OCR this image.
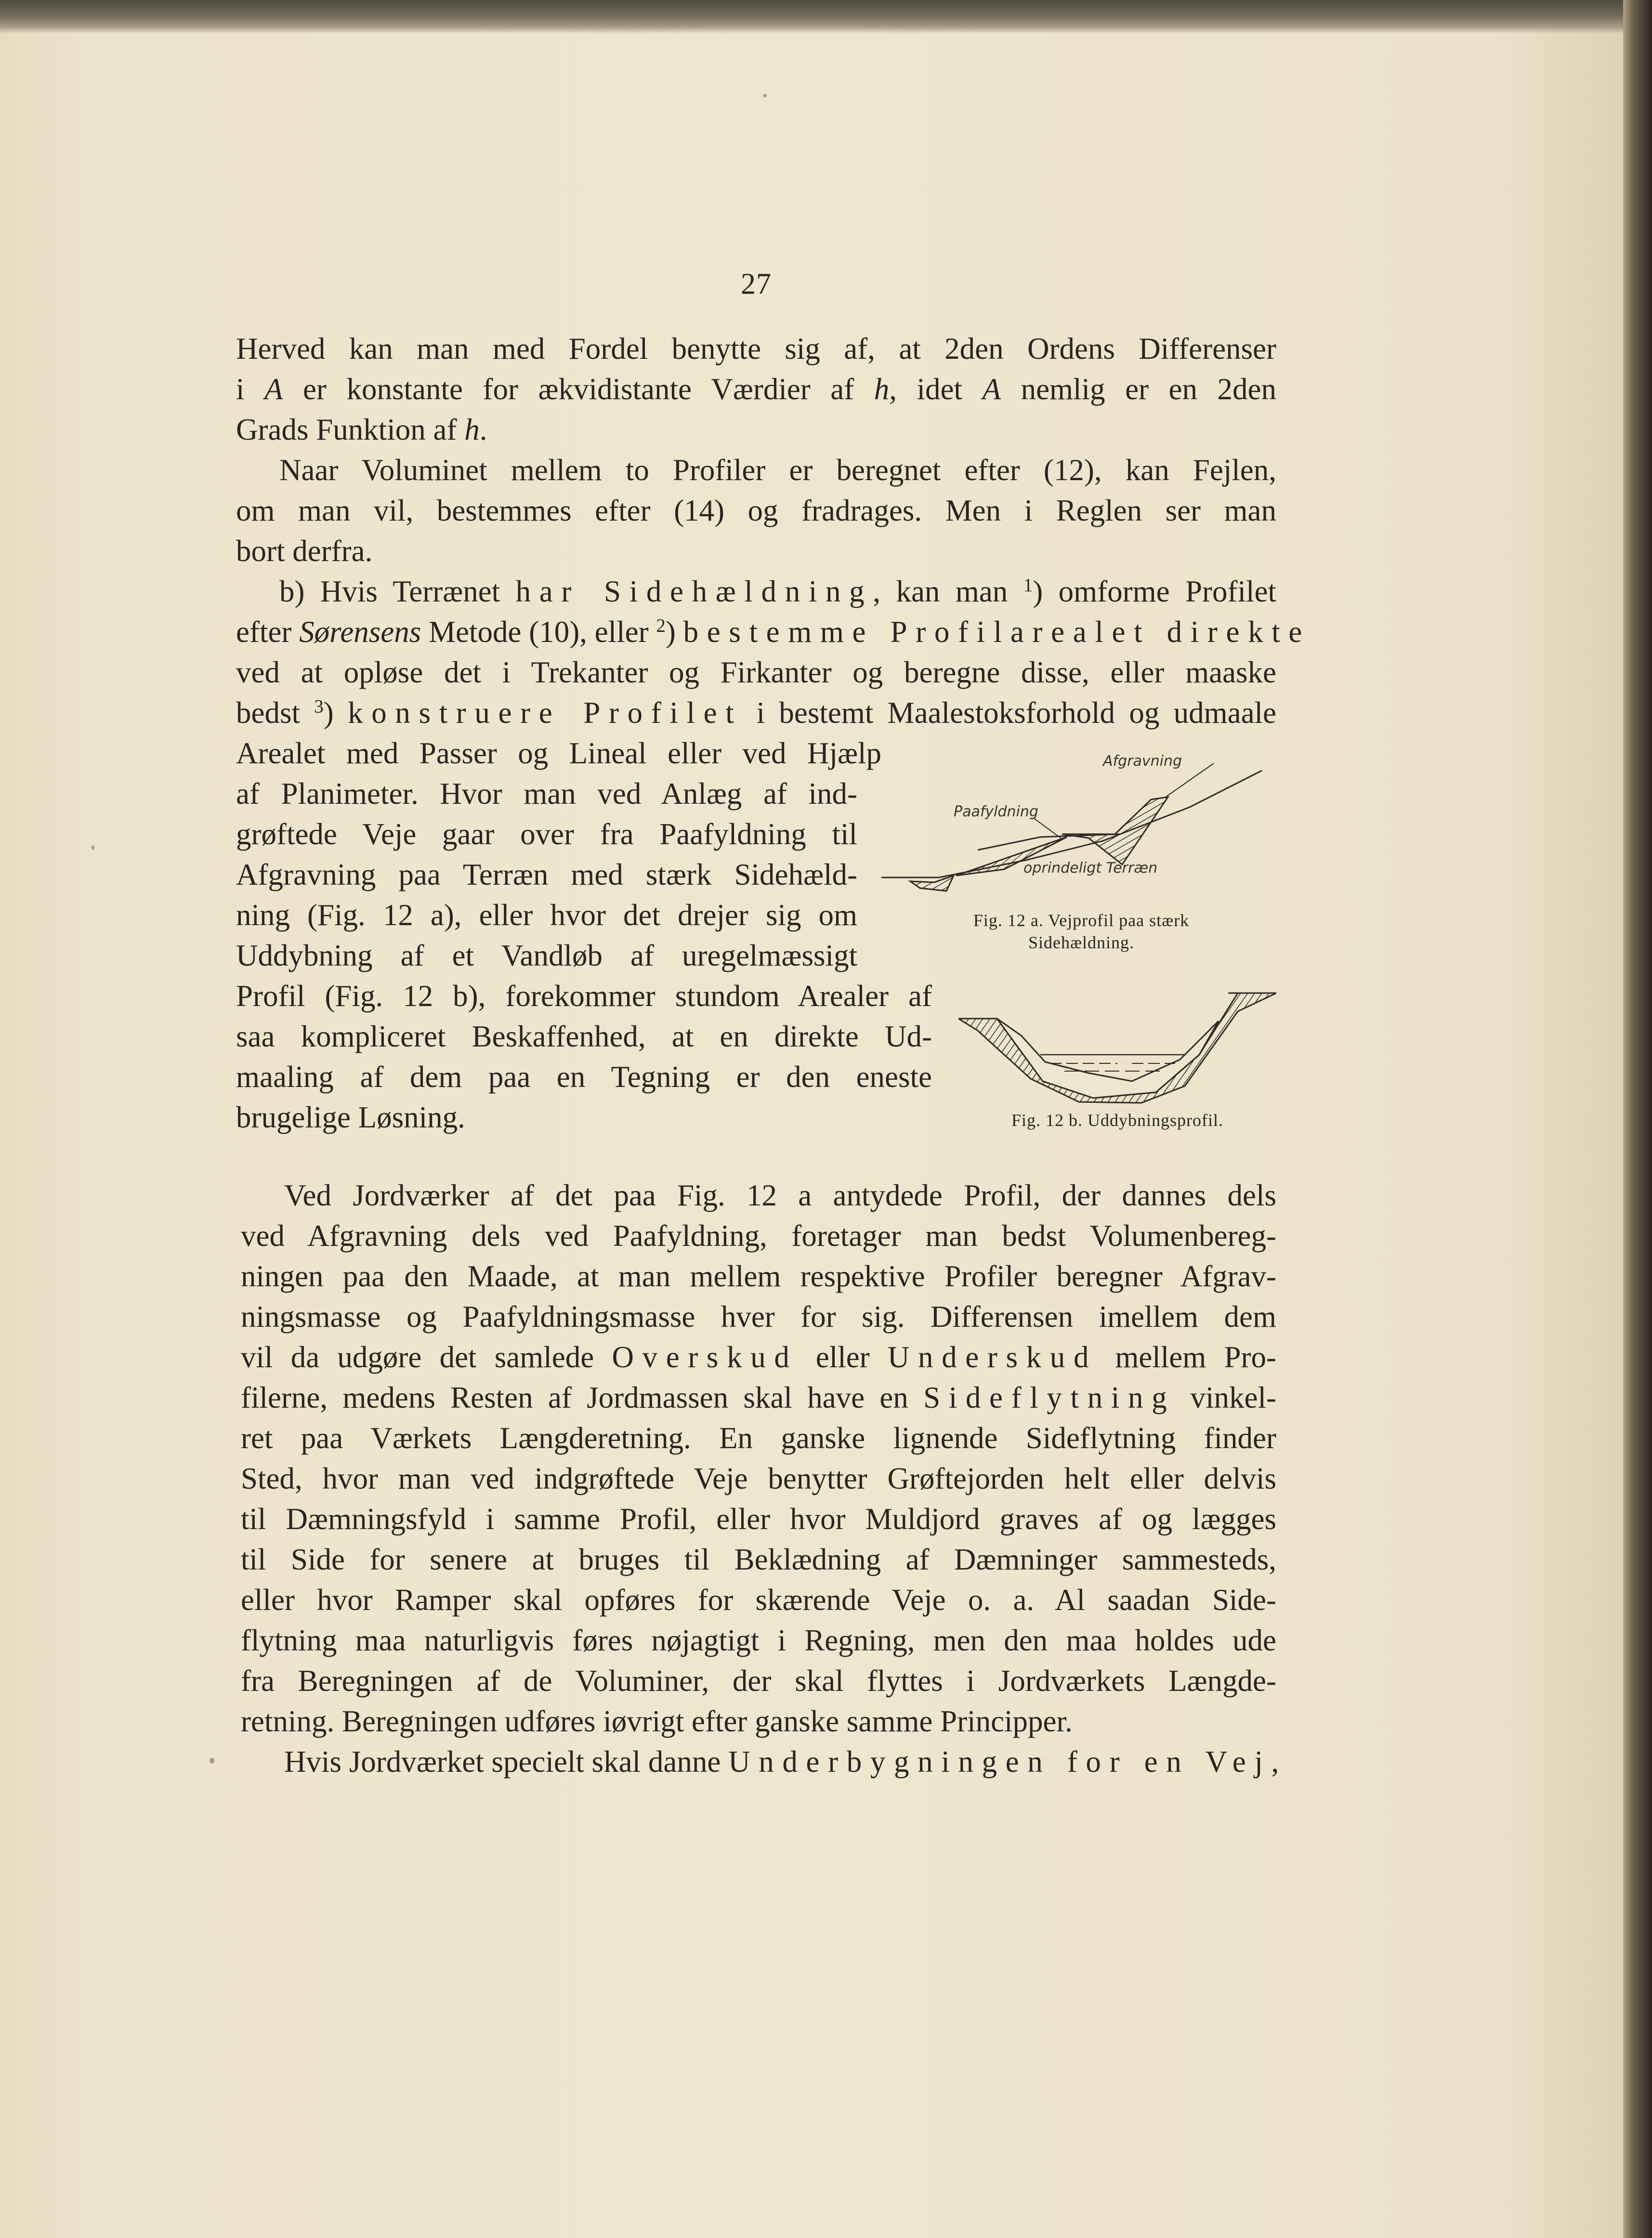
27
Herved kan man med Fordel benytte sig af, at 2den Ordens Differenser
i A er konstante for ækvidistante Værdier af h, idet A nemlig er en 2den
Grads Funktion af h.
Naar Voluminet mellem to Profiler er beregnet efter (12), kan Fejlen,
om man vil, bestemmes efter (14) og fradrages. Men i Reglen ser man
bort derfra.
b) Hvis Terrænet har Sidehældning, kan man $^1$) omforme Profilet
efter Sørensens Metode (10), eller $^2$) bestemme Profilarealet direkte
ved at opløse det i Trekanter og Firkanter og beregne disse, eller maaske
bedst $^3$) konstruere Profilet i bestemt Maalestoksforhold og udmaale
Arealet med Passer og Lineal eller ved Hjælp
af Planimeter. Hvor man ved Anlæg af ind-
grøftede Veje gaar over fra Paafyldning til
Afgravning paa Terræn med stærk Sidehæld-
ning (Fig. 12 a), eller hvor det drejer sig om
Uddybning af et Vandløb af uregelmæssigt
Profil (Fig. 12 b), forekommer stundom Arealer af
saa kompliceret Beskaffenhed, at en direkte Ud-
maaling af dem paa en Tegning er den eneste
brugelige Løsning.
Afgravning
Paafyldning
oprindeligt Terræn
Fig. 12 a. Vejprofil paa stærk
Sidehældning.
Fig. 12 b. Uddybningsprofil.
Ved Jordværker af det paa Fig. 12 a antydede Profil, der dannes dels
ved Afgravning dels ved Paafyldning, foretager man bedst Volumenbereg-
ningen paa den Maade, at man mellem respektive Profiler beregner Afgrav-
ningsmasse og Paafyldningsmasse hver for sig. Differensen imellem dem
vil da udgøre det samlede Overskud eller Underskud mellem Pro-
filerne, medens Resten af Jordmassen skal have en Sideflytning vinkel-
ret paa Værkets Længderetning. En ganske lignende Sideflytning finder
Sted, hvor man ved indgrøftede Veje benytter Grøftejorden helt eller delvis
til Dæmningsfyld i samme Profil, eller hvor Muldjord graves af og lægges
til Side for senere at bruges til Beklædning af Dæmninger sammesteds,
eller hvor Ramper skal opføres for skærende Veje o. a. Al saadan Side-
flytning maa naturligvis føres nøjagtigt i Regning, men den maa holdes ude
fra Beregningen af de Voluminer, der skal flyttes i Jordværkets Længde-
retning. Beregningen udføres iøvrigt efter ganske samme Principper.
Hvis Jordværket specielt skal danne Underbygningen for en Vej,
